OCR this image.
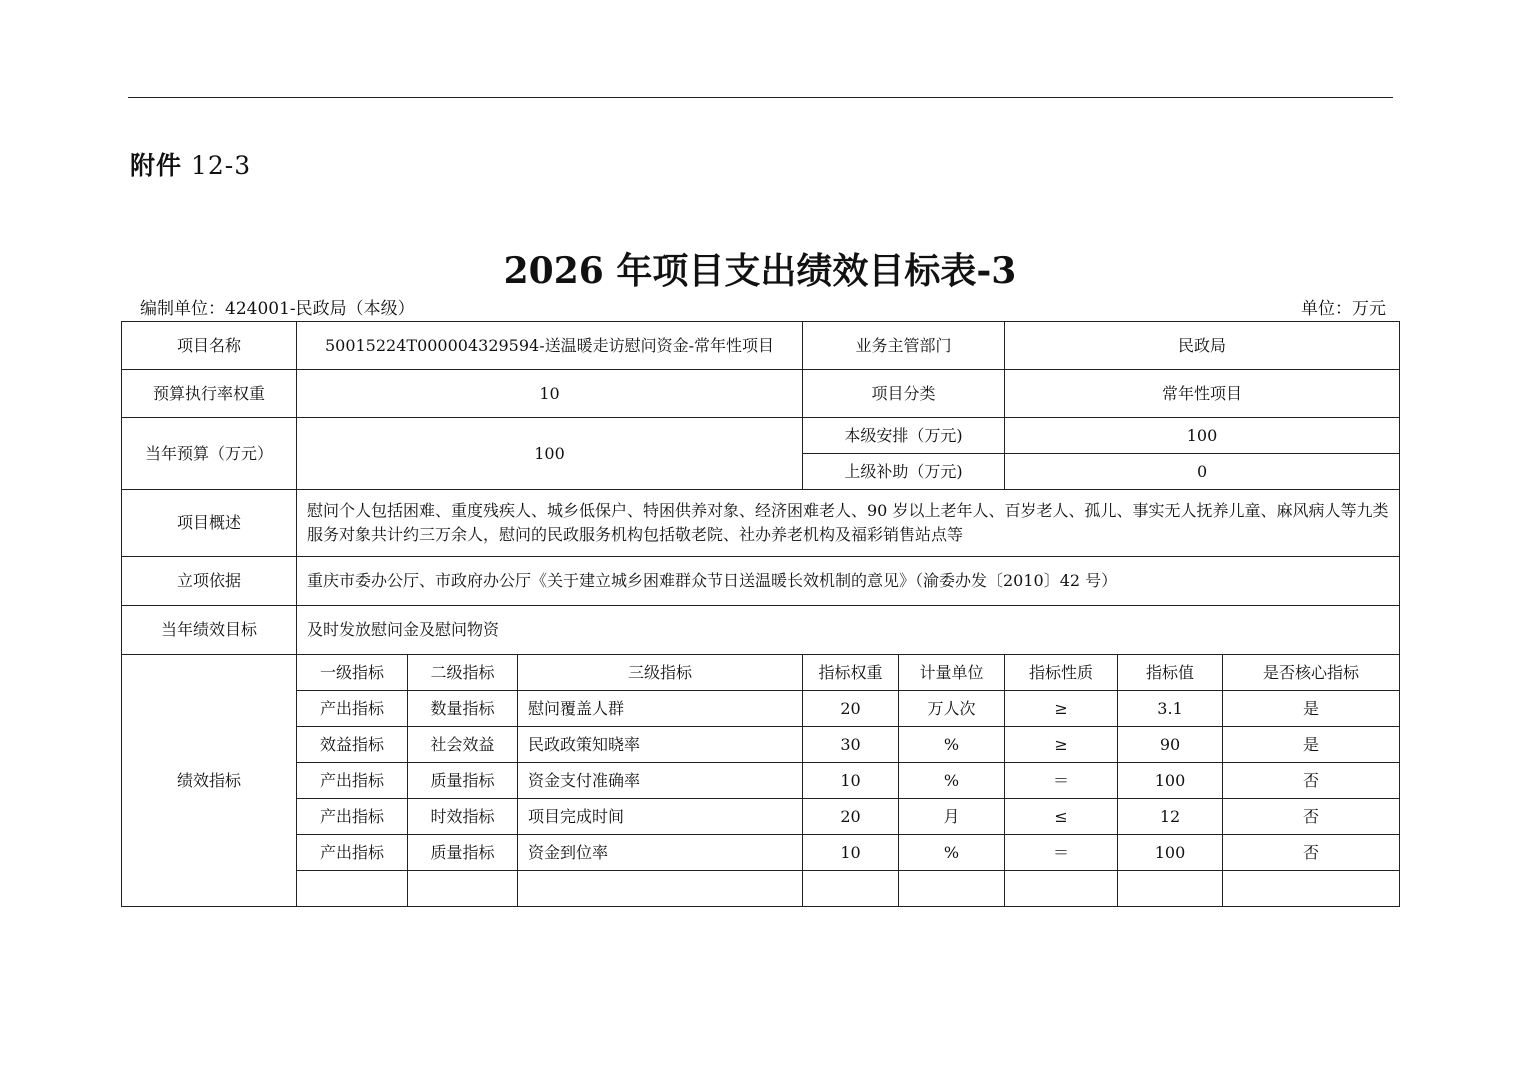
附件 12-3
2026 年项目支出绩效目标表-3
编制单位：424001-民政局（本级）	单位：万元
项目名称	50015224T000004329594-送温暖走访慰问资金-常年性项目			业务主管部门		民政局		
预算执行率权重	10			项目分类		常年性项目		
当年预算（万元）	100			本级安排（万元)		100		
				上级补助（万元)		0		
项目概述	慰问个人包括困难、重度残疾人、城乡低保户、特困供养对象、经济困难老人、90 岁以上老年人、百岁老人、孤儿、事实无人抚养儿童、麻风病人等九类服务对象共计约三万余人，慰问的民政服务机构包括敬老院、社办养老机构及福彩销售站点等							
立项依据	重庆市委办公厅、市政府办公厅《关于建立城乡困难群众节日送温暖长效机制的意见》（渝委办发〔2010〕42 号）							
当年绩效目标	及时发放慰问金及慰问物资							
绩效指标	一级指标	二级指标	三级指标	指标权重	计量单位	指标性质	指标值	是否核心指标
	产出指标	数量指标	慰问覆盖人群	20	万人次	≥	3.1	是
	效益指标	社会效益	民政政策知晓率	30	%	≥	90	是
	产出指标	质量指标	资金支付准确率	10	%	＝	100	否
	产出指标	时效指标	项目完成时间	20	月	≤	12	否
	产出指标	质量指标	资金到位率	10	%	＝	100	否
